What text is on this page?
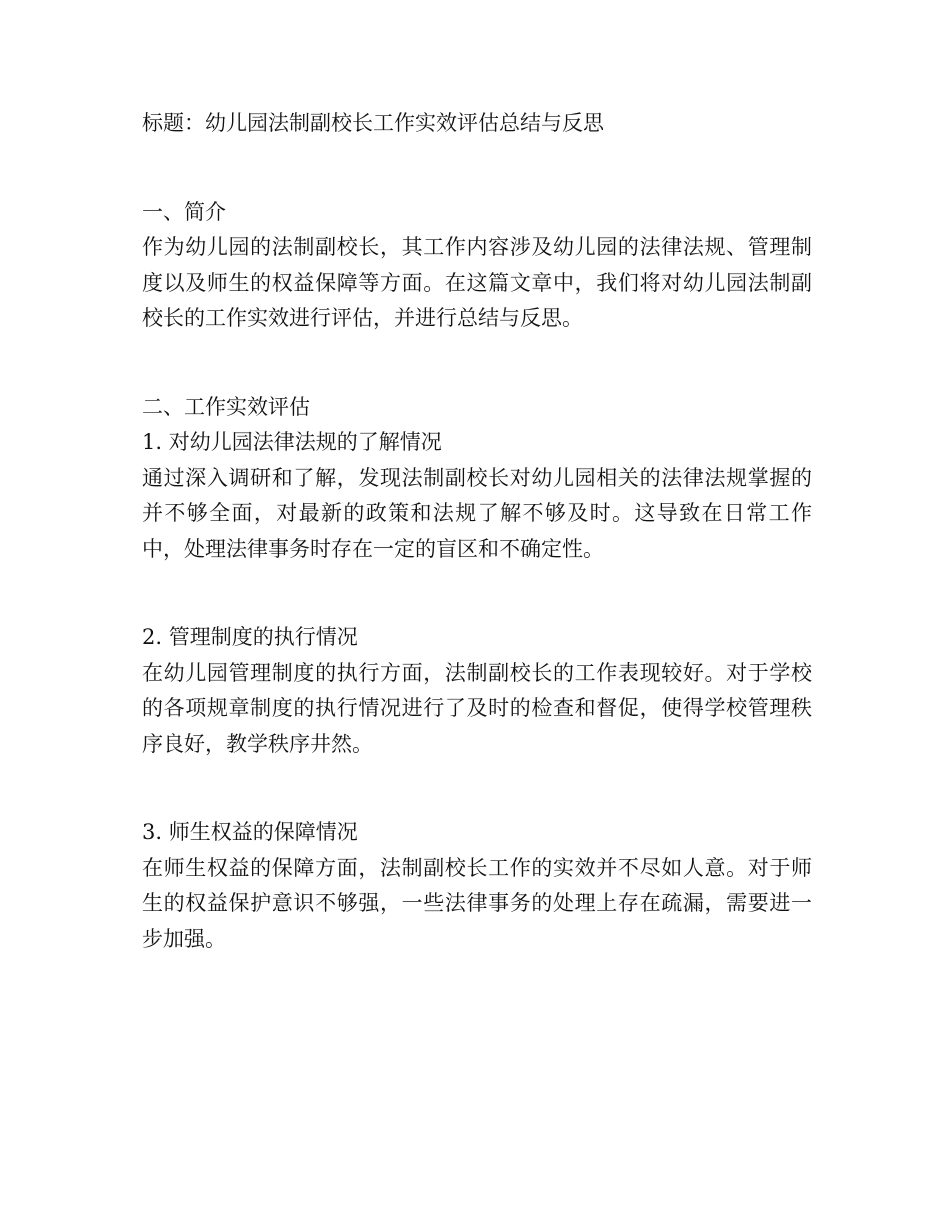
标题：幼儿园法制副校长工作实效评估总结与反思

一、简介

作为幼儿园的法制副校长，其工作内容涉及幼儿园的法律法规、管理制度以及师生的权益保障等方面。在这篇文章中，我们将对幼儿园法制副校长的工作实效进行评估，并进行总结与反思。

二、工作实效评估

1. 对幼儿园法律法规的了解情况

通过深入调研和了解，发现法制副校长对幼儿园相关的法律法规掌握的并不够全面，对最新的政策和法规了解不够及时。这导致在日常工作中，处理法律事务时存在一定的盲区和不确定性。

2. 管理制度的执行情况

在幼儿园管理制度的执行方面，法制副校长的工作表现较好。对于学校的各项规章制度的执行情况进行了及时的检查和督促，使得学校管理秩序良好，教学秩序井然。

3. 师生权益的保障情况

在师生权益的保障方面，法制副校长工作的实效并不尽如人意。对于师生的权益保护意识不够强，一些法律事务的处理上存在疏漏，需要进一步加强。
